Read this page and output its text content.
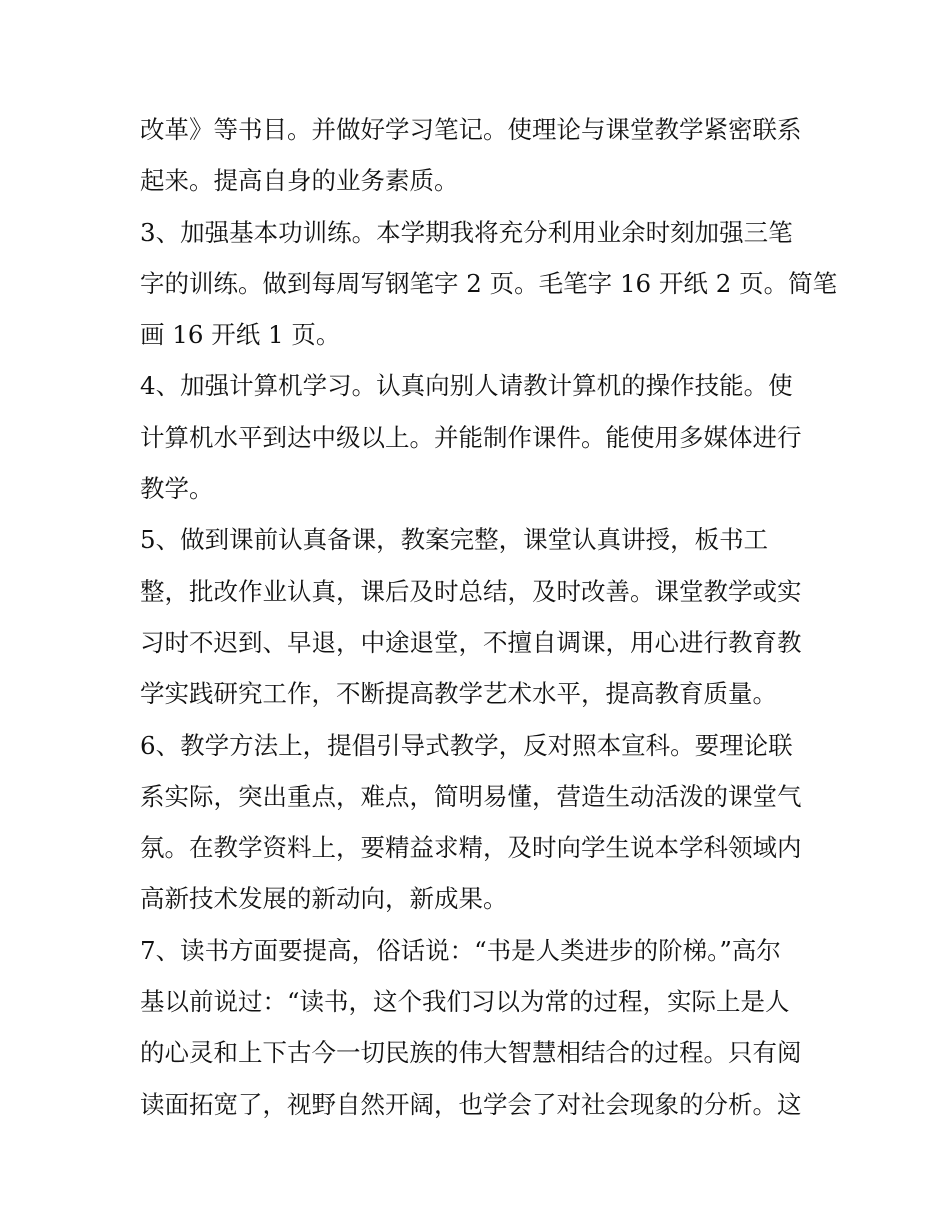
改革》等书目。并做好学习笔记。使理论与课堂教学紧密联系
起来。提高自身的业务素质。
3、加强基本功训练。本学期我将充分利用业余时刻加强三笔
字的训练。做到每周写钢笔字 2 页。毛笔字 16 开纸 2 页。简笔
画 16 开纸 1 页。
4、加强计算机学习。认真向别人请教计算机的操作技能。使
计算机水平到达中级以上。并能制作课件。能使用多媒体进行
教学。
5、做到课前认真备课，教案完整，课堂认真讲授，板书工
整，批改作业认真，课后及时总结，及时改善。课堂教学或实
习时不迟到、早退，中途退堂，不擅自调课，用心进行教育教
学实践研究工作，不断提高教学艺术水平，提高教育质量。
6、教学方法上，提倡引导式教学，反对照本宣科。要理论联
系实际，突出重点，难点，简明易懂，营造生动活泼的课堂气
氛。在教学资料上，要精益求精，及时向学生说本学科领域内
高新技术发展的新动向，新成果。
7、读书方面要提高，俗话说：“书是人类进步的阶梯。”高尔
基以前说过：“读书，这个我们习以为常的过程，实际上是人
的心灵和上下古今一切民族的伟大智慧相结合的过程。只有阅
读面拓宽了，视野自然开阔，也学会了对社会现象的分析。这
